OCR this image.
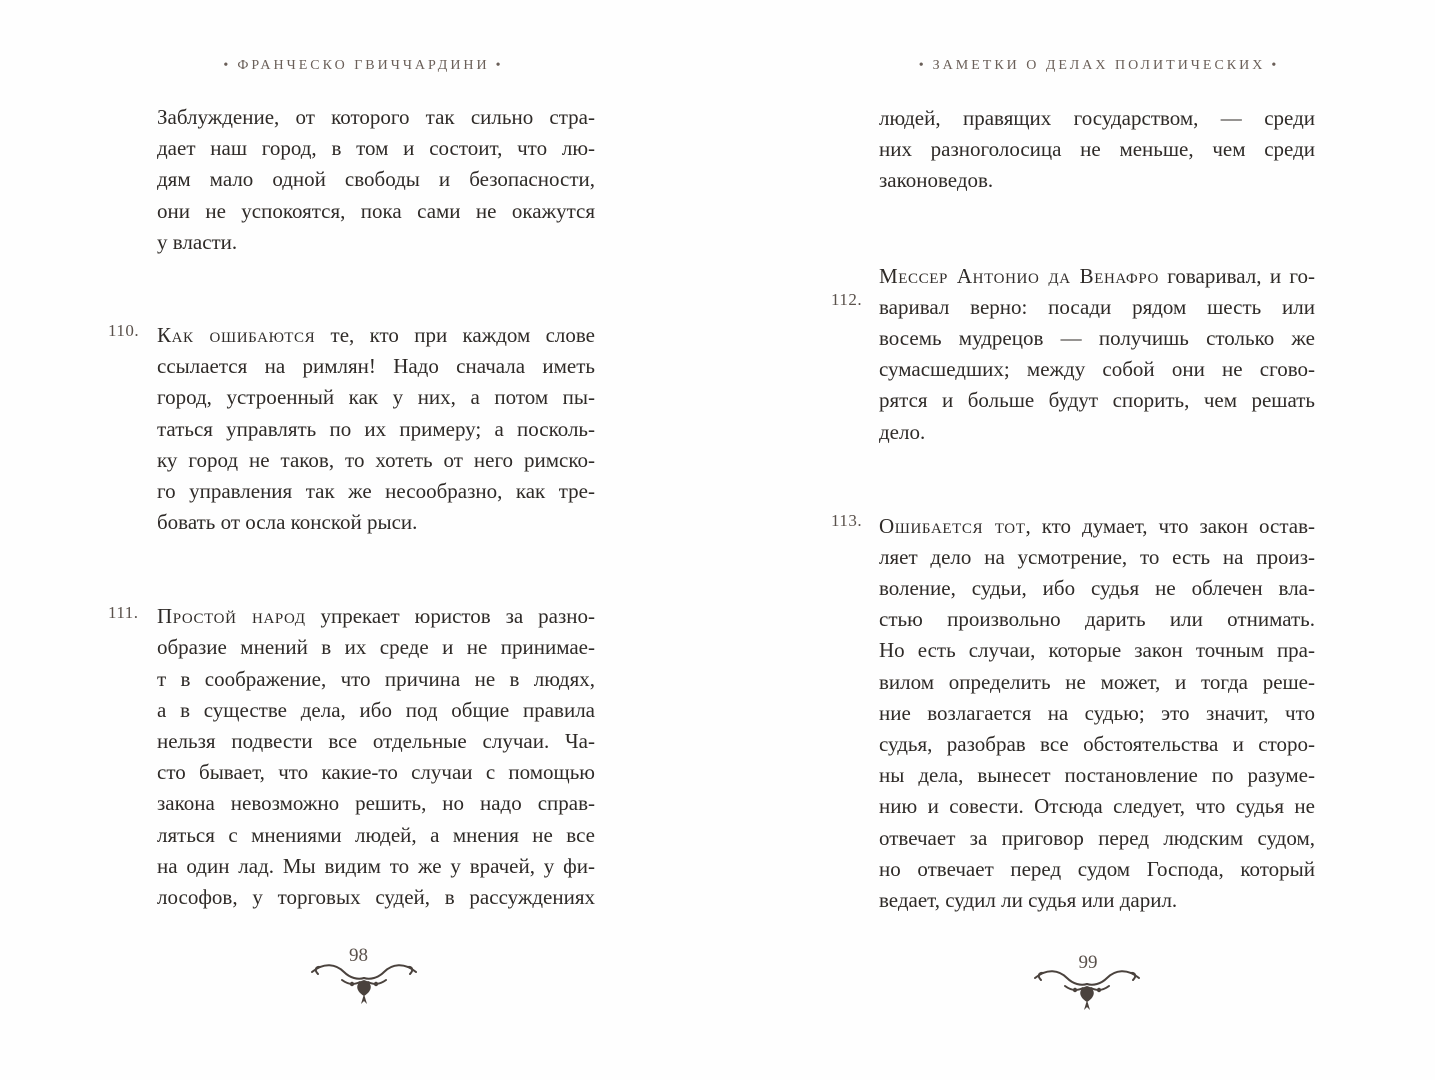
• ФРАНЧЕСКО ГВИЧЧАРДИНИ •
Заблуждение, от которого так сильно стра-
дает наш город, в том и состоит, что лю-
дям мало одной свободы и безопасности,
они не успокоятся, пока сами не окажутся
у власти.
Как ошибаются те, кто при каждом слове
ссылается на римлян! Надо сначала иметь
город, устроенный как у них, а потом пы-
таться управлять по их примеру; а посколь-
ку город не таков, то хотеть от него римско-
го управления так же несообразно, как тре-
бовать от осла конской рыси.
Простой народ упрекает юристов за разно-
образие мнений в их среде и не принимае-
т в соображение, что причина не в людях,
а в существе дела, ибо под общие правила
нельзя подвести все отдельные случаи. Ча-
сто бывает, что какие-то случаи с помощью
закона невозможно решить, но надо справ-
ляться с мнениями людей, а мнения не все
на один лад. Мы видим то же у врачей, у фи-
лософов, у торговых судей, в рассуждениях
110.
111.
98
• ЗАМЕТКИ О ДЕЛАХ ПОЛИТИЧЕСКИХ •
людей, правящих государством, — среди
них разноголосица не меньше, чем среди
законоведов.
Мессер Антонио да Венафро говаривал, и го-
варивал верно: посади рядом шесть или
восемь мудрецов — получишь столько же
сумасшедших; между собой они не сгово-
рятся и больше будут спорить, чем решать
дело.
Ошибается тот, кто думает, что закон остав-
ляет дело на усмотрение, то есть на произ-
воление, судьи, ибо судья не облечен вла-
стью произвольно дарить или отнимать.
Но есть случаи, которые закон точным пра-
вилом определить не может, и тогда реше-
ние возлагается на судью; это значит, что
судья, разобрав все обстоятельства и сторо-
ны дела, вынесет постановление по разуме-
нию и совести. Отсюда следует, что судья не
отвечает за приговор перед людским судом,
но отвечает перед судом Господа, который
ведает, судил ли судья или дарил.
112.
113.
99
